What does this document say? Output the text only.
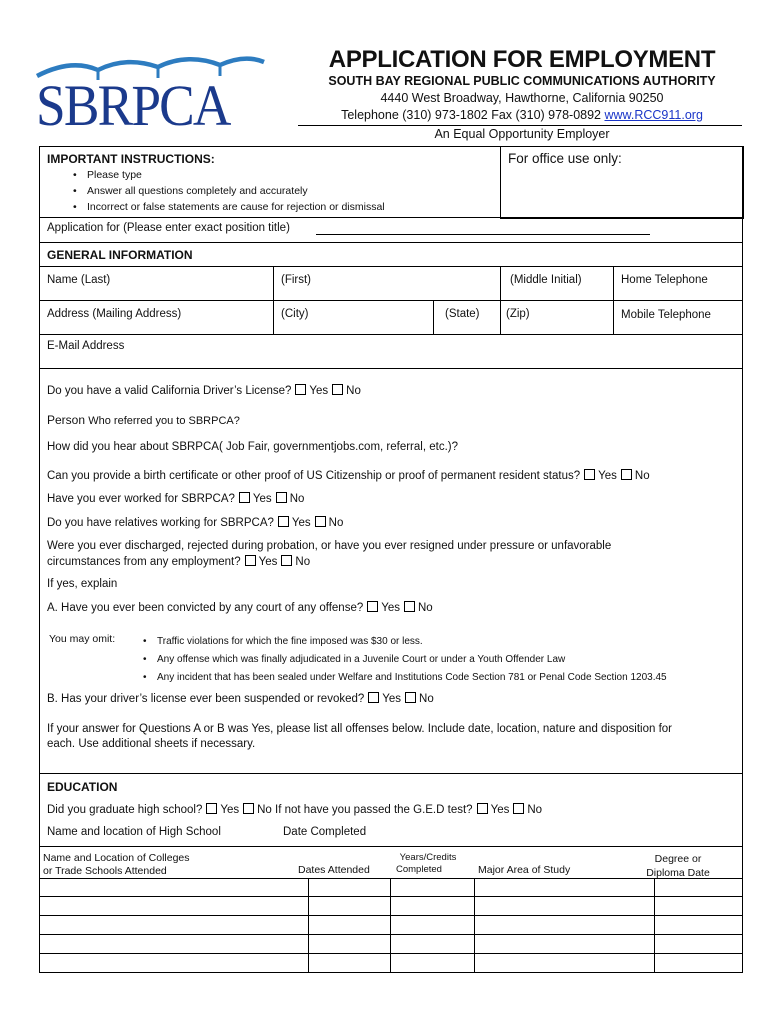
SBRPCA
APPLICATION FOR EMPLOYMENT
SOUTH BAY REGIONAL PUBLIC COMMUNICATIONS AUTHORITY
4440 West Broadway, Hawthorne, California 90250
Telephone (310) 973-1802 Fax (310) 978-0892 www.RCC911.org
An Equal Opportunity Employer
IMPORTANT INSTRUCTIONS:
• Please type
• Answer all questions completely and accurately
• Incorrect or false statements are cause for rejection or dismissal
For office use only:
Application for (Please enter exact position title)
GENERAL INFORMATION
Name (Last)	(First)	(Middle Initial)	Home Telephone
Address (Mailing Address)	(City)	(State) (Zip)	Mobile Telephone
E-Mail Address
Do you have a valid California Driver’s License? Yes No
Person Who referred you to SBRPCA?
How did you hear about SBRPCA( Job Fair, governmentjobs.com, referral, etc.)?
Can you provide a birth certificate or other proof of US Citizenship or proof of permanent resident status? Yes No
Have you ever worked for SBRPCA? Yes No
Do you have relatives working for SBRPCA? Yes No
Were you ever discharged, rejected during probation, or have you ever resigned under pressure or unfavorable
circumstances from any employment? Yes No
If yes, explain
A. Have you ever been convicted by any court of any offense? Yes No
You may omit:
•	Traffic violations for which the fine imposed was $30 or less.
• Any offense which was finally adjudicated in a Juvenile Court or under a Youth Offender Law
• Any incident that has been sealed under Welfare and Institutions Code Section 781 or Penal Code Section 1203.45
B. Has your driver’s license ever been suspended or revoked? Yes No
If your answer for Questions A or B was Yes, please list all offenses below. Include date, location, nature and disposition for
each. Use additional sheets if necessary.
EDUCATION
Did you graduate high school? Yes No If not have you passed the G.E.D test? Yes No
Name and location of High School	Date Completed
Name and Location of Colleges
or Trade Schools Attended	Dates Attended
Years/Credits
Completed	Major Area of Study
Degree or
Diploma Date
